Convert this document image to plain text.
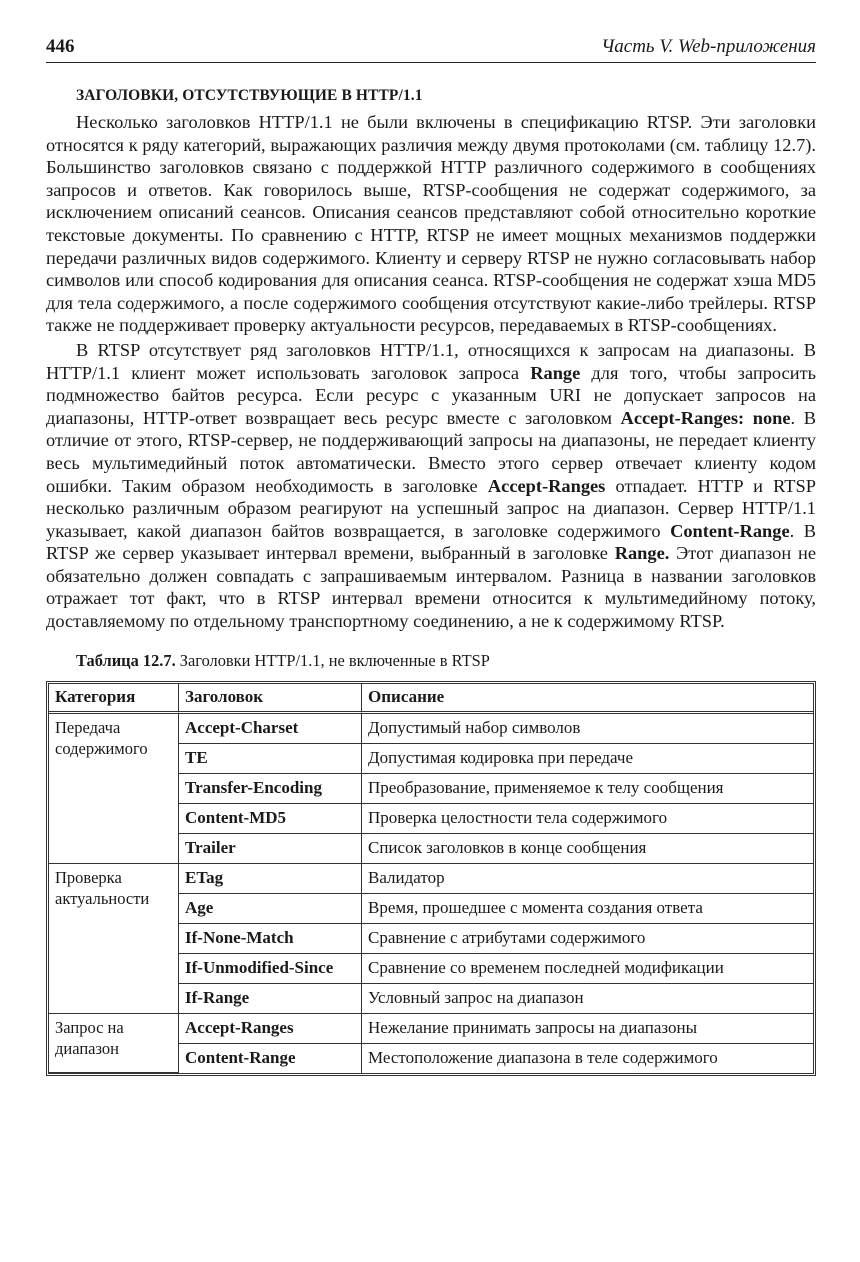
446	Часть V. Web-приложения
ЗАГОЛОВКИ, ОТСУТСТВУЮЩИЕ В HTTP/1.1

Несколько заголовков HTTP/1.1 не были включены в спецификацию RTSP. Эти заголовки относятся к ряду категорий, выражающих различия между двумя протоколами (см. таблицу 12.7). Большинство заголовков связано с поддержкой HTTP различного содержимого в сообщениях запросов и ответов. Как говорилось выше, RTSP-сообщения не содержат содержимого, за исключением описаний сеансов. Описания сеансов представляют собой относительно короткие текстовые документы. По сравнению с HTTP, RTSP не имеет мощных механизмов поддержки передачи различных видов содержимого. Клиенту и серверу RTSP не нужно согласовывать набор символов или способ кодирования для описания сеанса. RTSP-сообщения не содержат хэша MD5 для тела содержимого, а после содержимого сообщения отсутствуют какие-либо трейлеры. RTSP также не поддерживает проверку актуальности ресурсов, передаваемых в RTSP-сообщениях.

В RTSP отсутствует ряд заголовков HTTP/1.1, относящихся к запросам на диапазоны. В HTTP/1.1 клиент может использовать заголовок запроса Range для того, чтобы запросить подмножество байтов ресурса. Если ресурс с указанным URI не допускает запросов на диапазоны, HTTP-ответ возвращает весь ресурс вместе с заголовком Accept-Ranges: none. В отличие от этого, RTSP-сервер, не поддерживающий запросы на диапазоны, не передает клиенту весь мультимедийный поток автоматически. Вместо этого сервер отвечает клиенту кодом ошибки. Таким образом необходимость в заголовке Accept-Ranges отпадает. HTTP и RTSP несколько различным образом реагируют на успешный запрос на диапазон. Сервер HTTP/1.1 указывает, какой диапазон байтов возвращается, в заголовке содержимого Content-Range. В RTSP же сервер указывает интервал времени, выбранный в заголовке Range. Этот диапазон не обязательно должен совпадать с запрашиваемым интервалом. Разница в названии заголовков отражает тот факт, что в RTSP интервал времени относится к мультимедийному потоку, доставляемому по отдельному транспортному соединению, а не к содержимому RTSP.

Таблица 12.7. Заголовки HTTP/1.1, не включенные в RTSP
Категория	Заголовок	Описание
Передача содержимого	Accept-Charset	Допустимый набор символов
	TE	Допустимая кодировка при передаче
	Transfer-Encoding	Преобразование, применяемое к телу сообщения
	Content-MD5	Проверка целостности тела содержимого
	Trailer	Список заголовков в конце сообщения
Проверка актуальности	ETag	Валидатор
	Age	Время, прошедшее с момента создания ответа
	If-None-Match	Сравнение с атрибутами содержимого
	If-Unmodified-Since	Сравнение со временем последней модификации
	If-Range	Условный запрос на диапазон
Запрос на диапазон	Accept-Ranges	Нежелание принимать запросы на диапазоны
	Content-Range	Местоположение диапазона в теле содержимого
